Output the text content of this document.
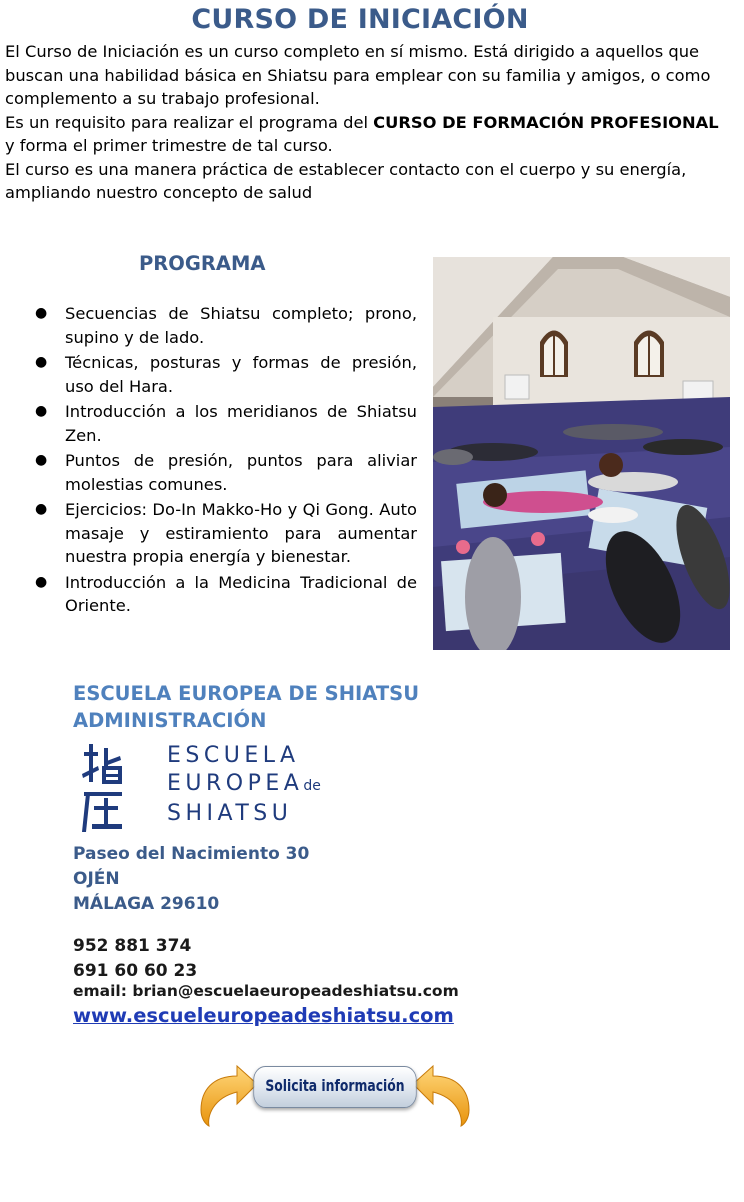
CURSO DE INICIACIÓN

El Curso de Iniciación es un curso completo en sí mismo. Está dirigido a aquellos que buscan una habilidad básica en Shiatsu para emplear con su familia y amigos, o como complemento a su trabajo profesional.

Es un requisito para realizar el programa del CURSO DE FORMACIÓN PROFESIONAL y forma el primer trimestre de tal curso.

El curso es una manera práctica de establecer contacto con el cuerpo y su energía, ampliando nuestro concepto de salud

PROGRAMA
● Secuencias de Shiatsu completo; prono, supino y de lado.
● Técnicas, posturas y formas de presión, uso del Hara.
● Introducción a los meridianos de Shiatsu Zen.
● Puntos de presión, puntos para aliviar molestias comunes.
● Ejercicios: Do-In Makko-Ho y Qi Gong. Auto masaje y estiramiento para aumentar nuestra propia energía y bienestar.
● Introducción a la Medicina Tradicional de Oriente.
ESCUELA EUROPEA DE SHIATSU
ADMINISTRACIÓN
ESCUELA
EUROPEAde
SHIATSU
Paseo del Nacimiento 30
OJÉN
MÁLAGA 29610
952 881 374
691 60 60 23
email: brian@escuelaeuropeadeshiatsu.com
www.escueleuropeadeshiatsu.com
Solicita información
